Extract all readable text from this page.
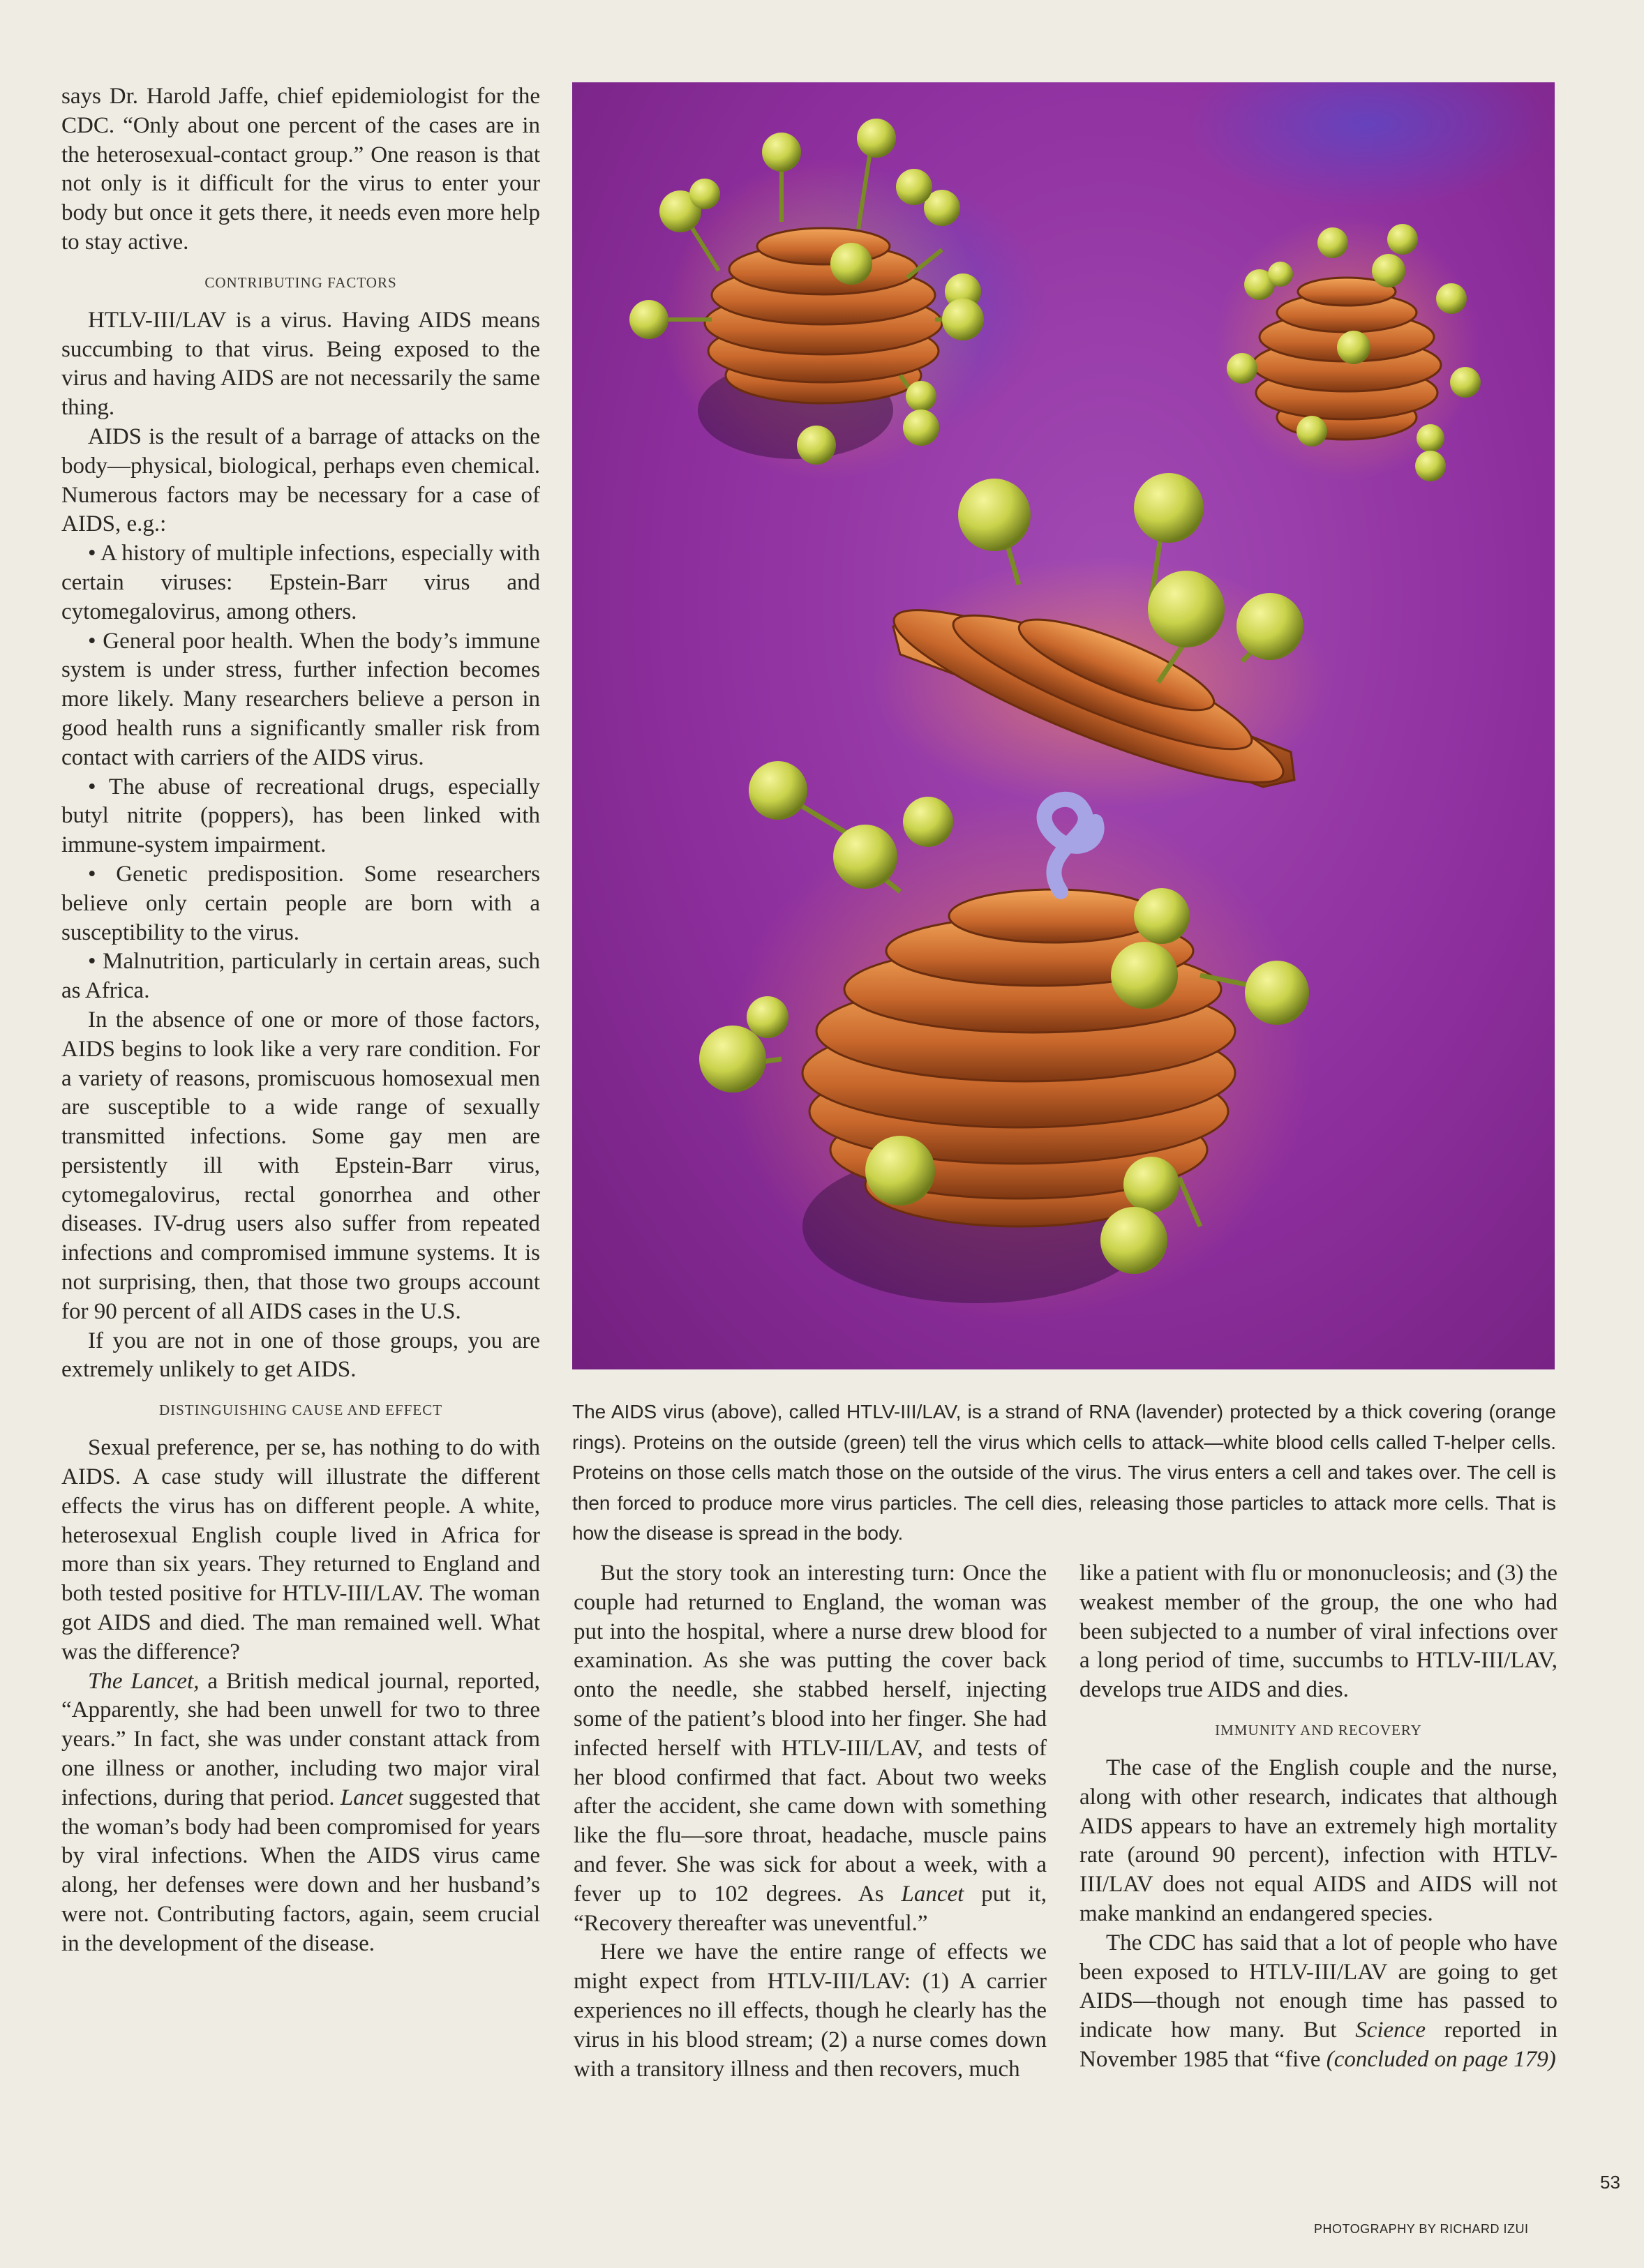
says Dr. Harold Jaffe, chief epidemiologist for the CDC. “Only about one percent of the cases are in the heterosexual-contact group.” One reason is that not only is it difficult for the virus to enter your body but once it gets there, it needs even more help to stay active.

CONTRIBUTING FACTORS

HTLV-III/LAV is a virus. Having AIDS means succumbing to that virus. Being exposed to the virus and having AIDS are not necessarily the same thing.

AIDS is the result of a barrage of attacks on the body—physical, biological, perhaps even chemical. Numerous factors may be necessary for a case of AIDS, e.g.:

• A history of multiple infections, especially with certain viruses: Epstein-Barr virus and cytomegalovirus, among others.

• General poor health. When the body’s immune system is under stress, further infection becomes more likely. Many researchers believe a person in good health runs a significantly smaller risk from contact with carriers of the AIDS virus.

• The abuse of recreational drugs, especially butyl nitrite (poppers), has been linked with immune-system impairment.

• Genetic predisposition. Some researchers believe only certain people are born with a susceptibility to the virus.

• Malnutrition, particularly in certain areas, such as Africa.

In the absence of one or more of those factors, AIDS begins to look like a very rare condition. For a variety of reasons, promiscuous homosexual men are susceptible to a wide range of sexually transmitted infections. Some gay men are persistently ill with Epstein-Barr virus, cytomegalovirus, rectal gonorrhea and other diseases. IV-drug users also suffer from repeated infections and compromised immune systems. It is not surprising, then, that those two groups account for 90 percent of all AIDS cases in the U.S.

If you are not in one of those groups, you are extremely unlikely to get AIDS.

DISTINGUISHING CAUSE AND EFFECT

Sexual preference, per se, has nothing to do with AIDS. A case study will illustrate the different effects the virus has on different people. A white, heterosexual English couple lived in Africa for more than six years. They returned to England and both tested positive for HTLV-III/LAV. The woman got AIDS and died. The man remained well. What was the difference?

The Lancet, a British medical journal, reported, “Apparently, she had been unwell for two to three years.” In fact, she was under constant attack from one illness or another, including two major viral infections, during that period. Lancet suggested that the woman’s body had been compromised for years by viral infections. When the AIDS virus came along, her defenses were down and her husband’s were not. Contributing factors, again, seem crucial in the development of the disease.

The AIDS virus (above), called HTLV-III/LAV, is a strand of RNA (lavender) protected by a thick covering (orange rings). Proteins on the outside (green) tell the virus which cells to attack—white blood cells called T-helper cells. Proteins on those cells match those on the outside of the virus. The virus enters a cell and takes over. The cell is then forced to produce more virus particles. The cell dies, releasing those particles to attack more cells. That is how the disease is spread in the body.

But the story took an interesting turn: Once the couple had returned to England, the woman was put into the hospital, where a nurse drew blood for examination. As she was putting the cover back onto the needle, she stabbed herself, injecting some of the patient’s blood into her finger. She had infected herself with HTLV-III/LAV, and tests of her blood confirmed that fact. About two weeks after the accident, she came down with something like the flu—sore throat, headache, muscle pains and fever. She was sick for about a week, with a fever up to 102 degrees. As Lancet put it, “Recovery thereafter was uneventful.”

Here we have the entire range of effects we might expect from HTLV-III/LAV: (1) A carrier experiences no ill effects, though he clearly has the virus in his blood stream; (2) a nurse comes down with a transitory illness and then recovers, much

like a patient with flu or mononucleosis; and (3) the weakest member of the group, the one who had been subjected to a number of viral infections over a long period of time, succumbs to HTLV-III/LAV, develops true AIDS and dies.

IMMUNITY AND RECOVERY

The case of the English couple and the nurse, along with other research, indicates that although AIDS appears to have an extremely high mortality rate (around 90 percent), infection with HTLV-III/LAV does not equal AIDS and AIDS will not make mankind an endangered species.

The CDC has said that a lot of people who have been exposed to HTLV-III/LAV are going to get AIDS—though not enough time has passed to indicate how many. But Science reported in November 1985 that “five (concluded on page 179)

53
PHOTOGRAPHY BY RICHARD IZUI
